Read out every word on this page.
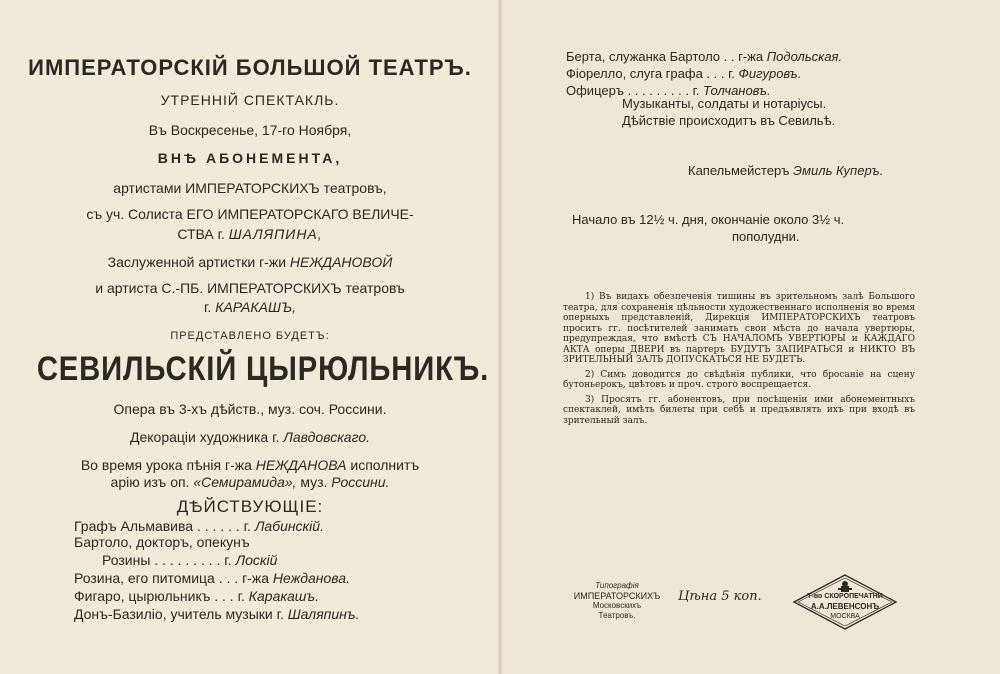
ИМПЕРАТОРСКІЙ БОЛЬШОЙ ТЕАТРЪ.
УТРЕННІЙ СПЕКТАКЛЬ.
Въ Воскресенье, 17-го Ноября,
ВНѢ АБОНЕМЕНТА,
артистами ИМПЕРАТОРСКИХЪ театровъ,
съ уч. Солиста ЕГО ИМПЕРАТОРСКАГО ВЕЛИЧЕ-
СТВА г. ШАЛЯПИНА,
Заслуженной артистки г-жи НЕЖДАНОВОЙ
и артиста С.-ПБ. ИМПЕРАТОРСКИХЪ театровъ
г. КАРАКАШЪ,
ПРЕДСТАВЛЕНО БУДЕТЪ:
СЕВИЛЬСКІЙ ЦЫРЮЛЬНИКЪ.
Опера въ 3-хъ дѣйств., муз. соч. Россини.
Декораціи художника г. Лавдовскаго.
Во время урока пѣнія г-жа НЕЖДАНОВА исполнитъ
арію изъ оп. «Семирамида», муз. Россини.
ДѢЙСТВУЮЩІЕ:
Графъ Альмавива . . . . . . г. Лабинскій.
Бартоло, докторъ, опекунъ
Розины . . . . . . . . . г. Лоскій
Розина, его питомица . . . г-жа Нежданова.
Фигаро, цырюльникъ . . . г. Каракашъ.
Донъ-Базиліо, учитель музыки г. Шаляпинъ.
Берта, служанка Бартоло . . г-жа Подольская.
Фіорелло, слуга графа . . . г. Фигуровъ.
Офицеръ . . . . . . . . . г. Толчановъ.
Музыканты, солдаты и нотаріусы.
Дѣйствіе происходитъ въ Севильѣ.
Капельмейстеръ Эмиль Куперъ.
Начало въ 12½ ч. дня, окончаніе около 3½ ч.
пополудни.

1) Въ видахъ обезпеченія тишины въ зрительномъ залѣ Большого театра, для сохраненія цѣльности художественнаго исполненія во время оперныхъ представленій, Дирекція ИМПЕРАТОРСКИХЪ театровъ проситъ гг. посѣтителей занимать свои мѣста до начала увертюры, предупреждая, что вмѣстѣ СЪ НАЧАЛОМЪ УВЕРТЮРЫ и КАЖДАГО АКТА оперы ДВЕРИ въ партеръ БУДУТЪ ЗАПИРАТЬСЯ и НИКТО ВЪ ЗРИТЕЛЬНЫЙ ЗАЛЪ ДОПУСКАТЬСЯ НЕ БУДЕТЪ.

2) Симъ доводится до свѣдѣнія публики, что бросаніе на сцену бутоньерокъ, цвѣтовъ и проч. строго воспрещается.

3) Просятъ гг. абонентовъ, при посѣщеніи ими абонементныхъ спектаклей, имѣть билеты при себѣ и предъявлять ихъ при входѣ въ зрительный залъ.

Типографія
ИМПЕРАТОРСКИХЪ
Московскихъ
Театровъ.
Цѣна 5 коп.	Т-во СКОРОПЕЧАТНИ
А.А.ЛЕВЕНСОНЪ
МОСКВА
